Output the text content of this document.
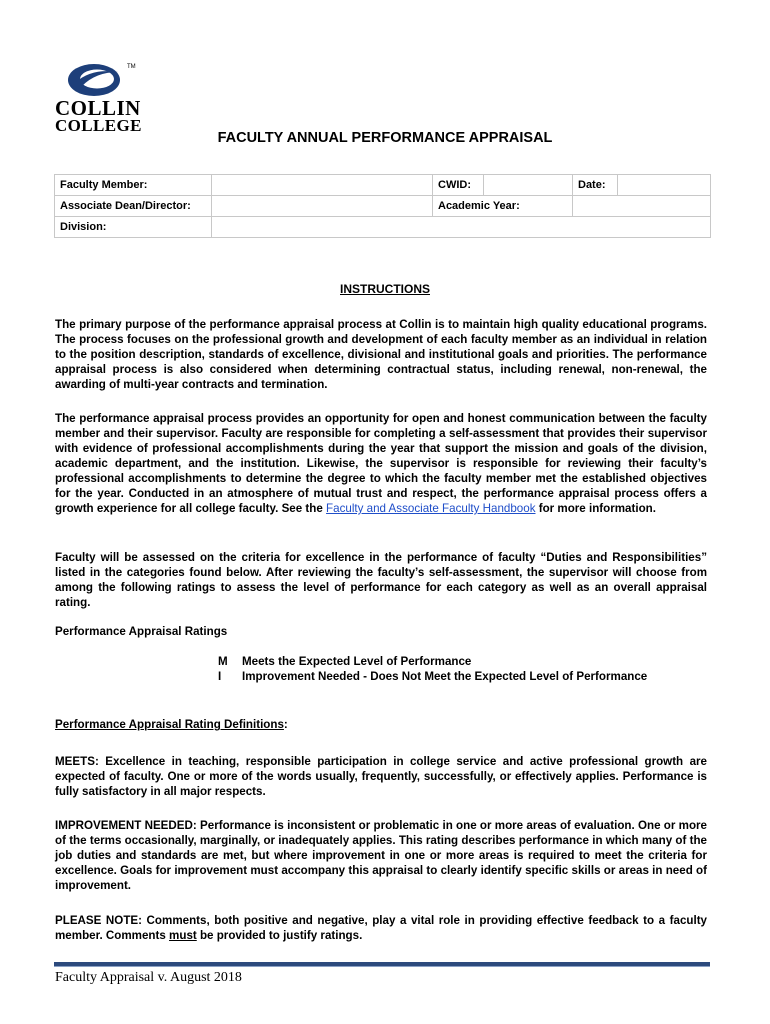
TM
COLLIN
COLLEGE
FACULTY ANNUAL PERFORMANCE APPRAISAL
Faculty Member:		CWID:		Date:	
Associate Dean/Director:		Academic Year:			
Division:					
INSTRUCTIONS

The primary purpose of the performance appraisal process at Collin is to maintain high quality educational programs. The process focuses on the professional growth and development of each faculty member as an individual in relation to the position description, standards of excellence, divisional and institutional goals and priorities. The performance appraisal process is also considered when determining contractual status, including renewal, non-renewal, the awarding of multi-year contracts and termination.

The performance appraisal process provides an opportunity for open and honest communication between the faculty member and their supervisor. Faculty are responsible for completing a self-assessment that provides their supervisor with evidence of professional accomplishments during the year that support the mission and goals of the division, academic department, and the institution. Likewise, the supervisor is responsible for reviewing their faculty’s professional accomplishments to determine the degree to which the faculty member met the established objectives for the year. Conducted in an atmosphere of mutual trust and respect, the performance appraisal process offers a growth experience for all college faculty. See the Faculty and Associate Faculty Handbook for more information.

Faculty will be assessed on the criteria for excellence in the performance of faculty “Duties and Responsibilities” listed in the categories found below. After reviewing the faculty’s self-assessment, the supervisor will choose from among the following ratings to assess the level of performance for each category as well as an overall appraisal rating.

Performance Appraisal Ratings
M Meets the Expected Level of Performance
I Improvement Needed - Does Not Meet the Expected Level of Performance
Performance Appraisal Rating Definitions:

MEETS: Excellence in teaching, responsible participation in college service and active professional growth are expected of faculty. One or more of the words usually, frequently, successfully, or effectively applies. Performance is fully satisfactory in all major respects.

IMPROVEMENT NEEDED: Performance is inconsistent or problematic in one or more areas of evaluation. One or more of the terms occasionally, marginally, or inadequately applies. This rating describes performance in which many of the job duties and standards are met, but where improvement in one or more areas is required to meet the criteria for excellence. Goals for improvement must accompany this appraisal to clearly identify specific skills or areas in need of improvement.

PLEASE NOTE: Comments, both positive and negative, play a vital role in providing effective feedback to a faculty member. Comments must be provided to justify ratings.

Faculty Appraisal v. August 2018
